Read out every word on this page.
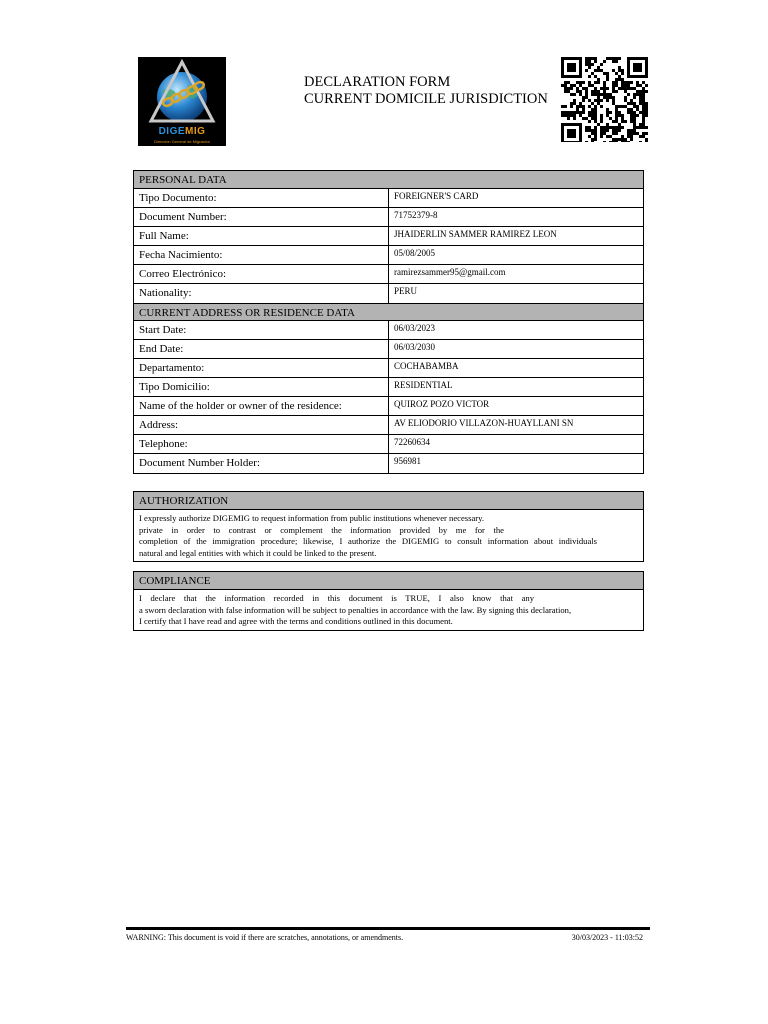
DIGEMIG
Dirección General de Migración
DECLARATION FORM
CURRENT DOMICILE JURISDICTION
PERSONAL DATA
Tipo Documento:	FOREIGNER'S CARD
Document Number:	71752379-8
Full Name:	JHAIDERLIN SAMMER RAMIREZ LEON
Fecha Nacimiento:	05/08/2005
Correo Electrónico:	ramirezsammer95@gmail.com
Nationality:	PERU
CURRENT ADDRESS OR RESIDENCE DATA
Start Date:	06/03/2023
End Date:	06/03/2030
Departamento:	COCHABAMBA
Tipo Domicilio:	RESIDENTIAL
Name of the holder or owner of the residence:	QUIROZ POZO VICTOR
Address:	AV ELIODORIO VILLAZON-HUAYLLANI SN
Telephone:	72260634
Document Number Holder:	956981
AUTHORIZATION
I expressly authorize DIGEMIG to request information from public institutions whenever necessary.
private in order to contrast or complement the information provided by me for the
completion of the immigration procedure; likewise, I authorize the DIGEMIG to consult information about individuals
natural and legal entities with which it could be linked to the present.
COMPLIANCE
I declare that the information recorded in this document is TRUE, I also know that any
a sworn declaration with false information will be subject to penalties in accordance with the law. By signing this declaration,
I certify that I have read and agree with the terms and conditions outlined in this document.
WARNING: This document is void if there are scratches, annotations, or amendments.	30/03/2023 - 11:03:52
